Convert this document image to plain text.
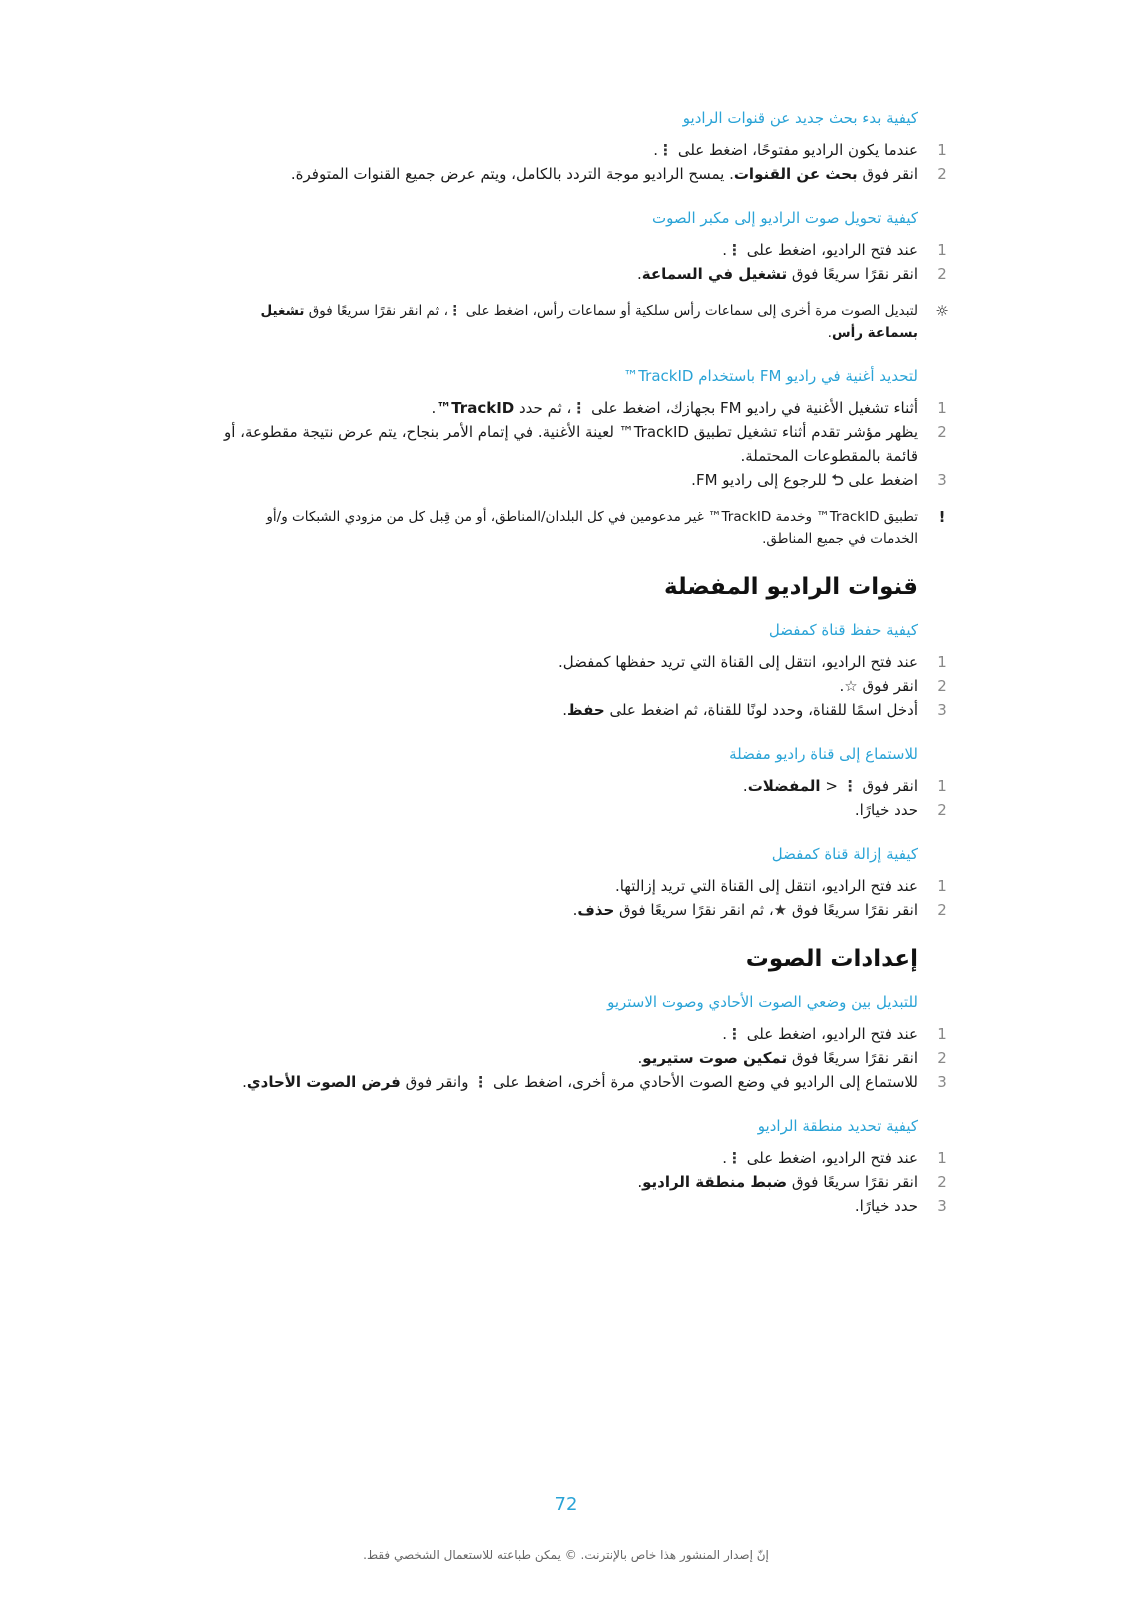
كيفية بدء بحث جديد عن قنوات الراديو
1
عندما يكون الراديو مفتوحًا، اضغط على ⋮.
2
انقر فوق بحث عن القنوات. يمسح الراديو موجة التردد بالكامل، ويتم عرض جميع القنوات المتوفرة.
كيفية تحويل صوت الراديو إلى مكبر الصوت
1
عند فتح الراديو، اضغط على ⋮.
2
انقر نقرًا سريعًا فوق تشغيل في السماعة.
☼
لتبديل الصوت مرة أخرى إلى سماعات رأس سلكية أو سماعات رأس، اضغط على ⋮، ثم انقر نقرًا سريعًا فوق تشغيل بسماعة رأس.
لتحديد أغنية في راديو FM باستخدام TrackID™
1
أثناء تشغيل الأغنية في راديو FM بجهازك، اضغط على ⋮، ثم حدد TrackID™.
2
يظهر مؤشر تقدم أثناء تشغيل تطبيق TrackID™ لعينة الأغنية. في إتمام الأمر بنجاح، يتم عرض نتيجة مقطوعة، أو قائمة بالمقطوعات المحتملة.
3
اضغط على ⮌ للرجوع إلى راديو FM.
!
تطبيق TrackID™ وخدمة TrackID™ غير مدعومين في كل البلدان/المناطق، أو من قِبل كل من مزودي الشبكات و/أو الخدمات في جميع المناطق.
قنوات الراديو المفضلة
كيفية حفظ قناة كمفضل
1
عند فتح الراديو، انتقل إلى القناة التي تريد حفظها كمفضل.
2
انقر فوق ☆.
3
أدخل اسمًا للقناة، وحدد لونًا للقناة، ثم اضغط على حفظ.
للاستماع إلى قناة راديو مفضلة
1
انقر فوق ⋮ < المفضلات.
2
حدد خيارًا.
كيفية إزالة قناة كمفضل
1
عند فتح الراديو، انتقل إلى القناة التي تريد إزالتها.
2
انقر نقرًا سريعًا فوق ★، ثم انقر نقرًا سريعًا فوق حذف.
إعدادات الصوت
للتبديل بين وضعي الصوت الأحادي وصوت الاستريو
1
عند فتح الراديو، اضغط على ⋮.
2
انقر نقرًا سريعًا فوق تمكين صوت ستيريو.
3
للاستماع إلى الراديو في وضع الصوت الأحادي مرة أخرى، اضغط على ⋮ وانقر فوق فرض الصوت الأحادي.
كيفية تحديد منطقة الراديو
1
عند فتح الراديو، اضغط على ⋮.
2
انقر نقرًا سريعًا فوق ضبط منطقة الراديو.
3
حدد خيارًا.
72
إنّ إصدار المنشور هذا خاص بالإنترنت. © يمكن طباعته للاستعمال الشخصي فقط.
